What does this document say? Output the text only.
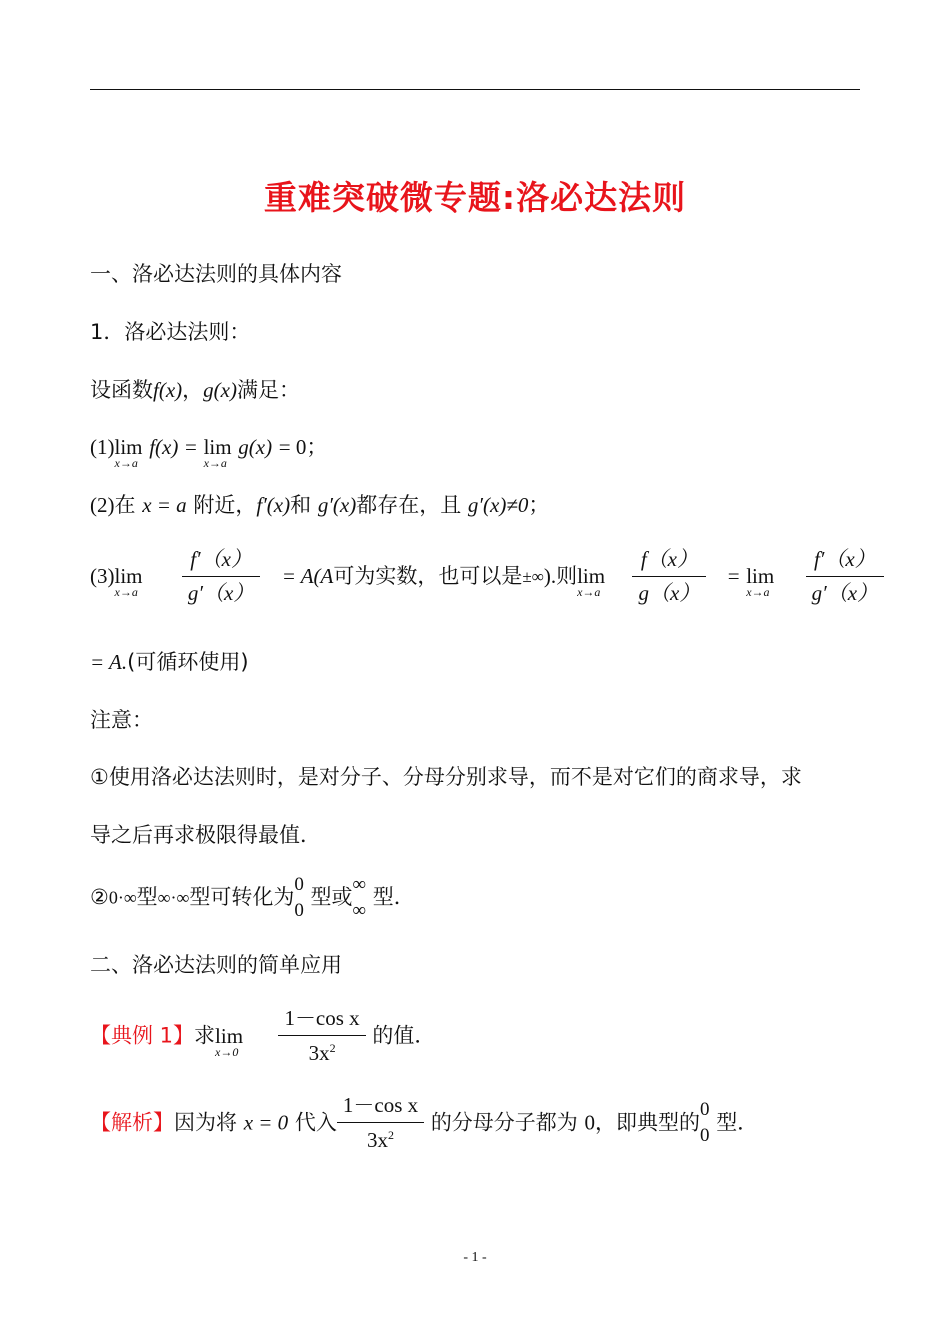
重难突破微专题:洛必达法则
一、洛必达法则的具体内容
1．洛必达法则：
设函数f(x)，g(x)满足：
(1)lim
x→a
f(x) = lim
x→a
g(x) = 0；
(2)在 x = a 附近，f′(x)和 g′(x)都存在，且 g′(x)≠0；
(3)lim
x→a
$\frac{f'(x)}{g'(x)} = A(A$可为实数，也可以是±∞).则lim
x→a
$\frac{f(x)}{g(x)} = \lim$
x→a
$\frac{f'(x)}{g'(x)}$
= A.(可循环使用)
注意：
①使用洛必达法则时，是对分子、分母分别求导，而不是对它们的商求导，求
导之后再求极限得最值．
②0·∞型∞·∞型可转化为
0
0
型或
∞
∞
型．
二、洛必达法则的简单应用
【典例 1】求lim
x→0
$\frac{\text{1－cos x}}{3x^2}$ 的值．
【解析】因为将 x = 0 代入 $\frac{\text{1－cos x}}{3x^2}$ 的分母分子都为 0，即典型的
0
0
型．
- 1 -
